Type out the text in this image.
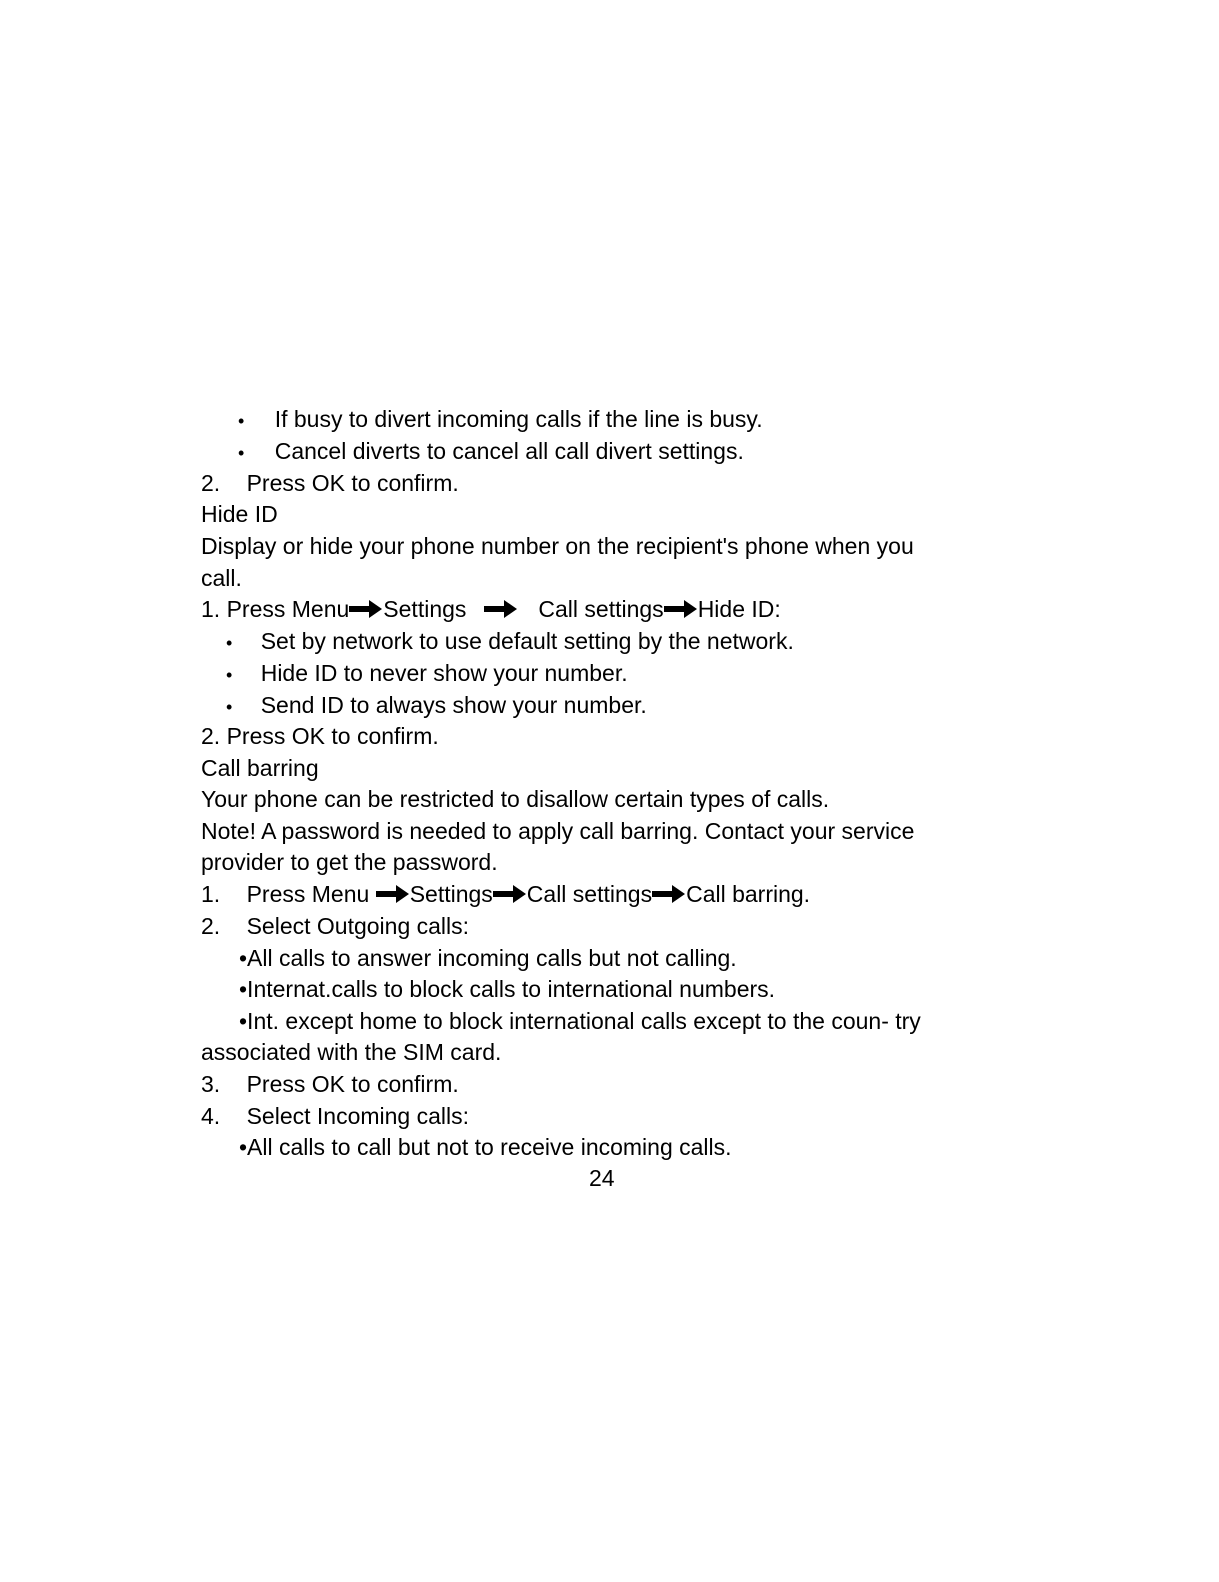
• If busy to divert incoming calls if the line is busy.
• Cancel diverts to cancel all call divert settings.
2. Press OK to confirm.
Hide ID
Display or hide your phone number on the recipient's phone when you
call.
1. Press Menu Settings	Call settings Hide ID:
• Set by network to use default setting by the network.
• Hide ID to never show your number.
• Send ID to always show your number.
2. Press OK to confirm.
Call barring
Your phone can be restricted to disallow certain types of calls.
Note! A password is needed to apply call barring. Contact your service
provider to get the password.
1. Press Menu
Settings Call settings Call barring.
2. Select Outgoing calls:
•All calls to answer incoming calls but not calling.
•Internat.calls to block calls to international numbers.
•Int. except home to block international calls except to the coun- try
associated with the SIM card.
3. Press OK to confirm.
4. Select Incoming calls:
•All calls to call but not to receive incoming calls.
24
